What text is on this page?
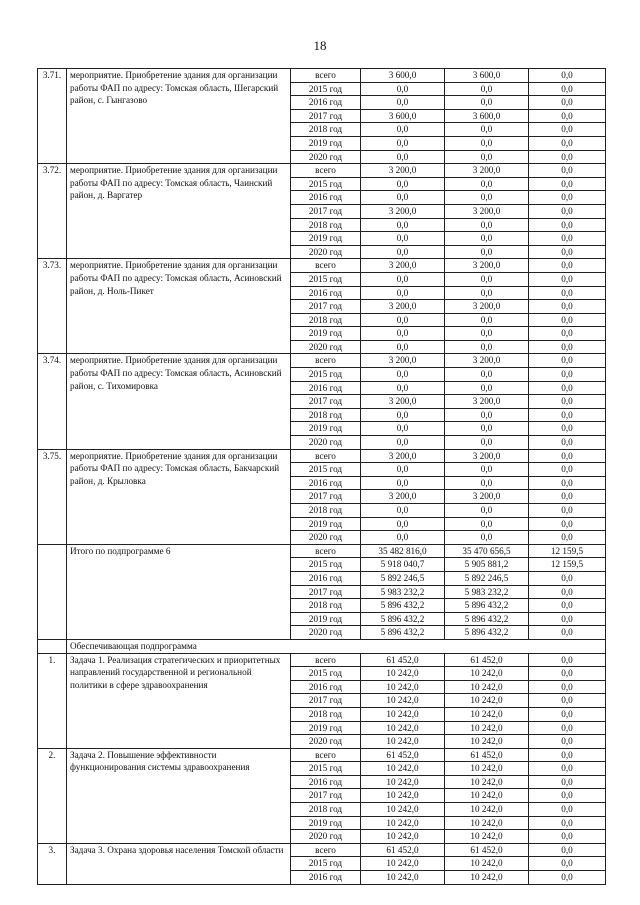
18
3.71.	мероприятие. Приобретение здания для организации работы ФАП по адресу: Томская область, Шегарский район, с. Гынгазово	всего	3 600,0	3 600,0	0,0
		2015 год	0,0	0,0	0,0
		2016 год	0,0	0,0	0,0
		2017 год	3 600,0	3 600,0	0,0
		2018 год	0,0	0,0	0,0
		2019 год	0,0	0,0	0,0
		2020 год	0,0	0,0	0,0
3.72.	мероприятие. Приобретение здания для организации работы ФАП по адресу: Томская область, Чаинский район, д. Варгатер	всего	3 200,0	3 200,0	0,0
		2015 год	0,0	0,0	0,0
		2016 год	0,0	0,0	0,0
		2017 год	3 200,0	3 200,0	0,0
		2018 год	0,0	0,0	0,0
		2019 год	0,0	0,0	0,0
		2020 год	0,0	0,0	0,0
3.73.	мероприятие. Приобретение здания для организации работы ФАП по адресу: Томская область, Асиновский район, д. Ноль-Пикет	всего	3 200,0	3 200,0	0,0
		2015 год	0,0	0,0	0,0
		2016 год	0,0	0,0	0,0
		2017 год	3 200,0	3 200,0	0,0
		2018 год	0,0	0,0	0,0
		2019 год	0,0	0,0	0,0
		2020 год	0,0	0,0	0,0
3.74.	мероприятие. Приобретение здания для организации работы ФАП по адресу: Томская область, Асиновский район, с. Тихомировка	всего	3 200,0	3 200,0	0,0
		2015 год	0,0	0,0	0,0
		2016 год	0,0	0,0	0,0
		2017 год	3 200,0	3 200,0	0,0
		2018 год	0,0	0,0	0,0
		2019 год	0,0	0,0	0,0
		2020 год	0,0	0,0	0,0
3.75.	мероприятие. Приобретение здания для организации работы ФАП по адресу: Томская область, Бакчарский район, д. Крыловка	всего	3 200,0	3 200,0	0,0
		2015 год	0,0	0,0	0,0
		2016 год	0,0	0,0	0,0
		2017 год	3 200,0	3 200,0	0,0
		2018 год	0,0	0,0	0,0
		2019 год	0,0	0,0	0,0
		2020 год	0,0	0,0	0,0
	Итого по подпрограмме 6	всего	35 482 816,0	35 470 656,5	12 159,5
		2015 год	5 918 040,7	5 905 881,2	12 159,5
		2016 год	5 892 246,5	5 892 246,5	0,0
		2017 год	5 983 232,2	5 983 232,2	0,0
		2018 год	5 896 432,2	5 896 432,2	0,0
		2019 год	5 896 432,2	5 896 432,2	0,0
		2020 год	5 896 432,2	5 896 432,2	0,0
	Обеспечивающая подпрограмма				
1.	Задача 1. Реализация стратегических и приоритетных направлений государственной и региональной политики в сфере здравоохранения	всего	61 452,0	61 452,0	0,0
		2015 год	10 242,0	10 242,0	0,0
		2016 год	10 242,0	10 242,0	0,0
		2017 год	10 242,0	10 242,0	0,0
		2018 год	10 242,0	10 242,0	0,0
		2019 год	10 242,0	10 242,0	0,0
		2020 год	10 242,0	10 242,0	0,0
2.	Задача 2. Повышение эффективности функционирования системы здравоохранения	всего	61 452,0	61 452,0	0,0
		2015 год	10 242,0	10 242,0	0,0
		2016 год	10 242,0	10 242,0	0,0
		2017 год	10 242,0	10 242,0	0,0
		2018 год	10 242,0	10 242,0	0,0
		2019 год	10 242,0	10 242,0	0,0
		2020 год	10 242,0	10 242,0	0,0
3.	Задача 3. Охрана здоровья населения Томской области	всего	61 452,0	61 452,0	0,0
		2015 год	10 242,0	10 242,0	0,0
		2016 год	10 242,0	10 242,0	0,0
